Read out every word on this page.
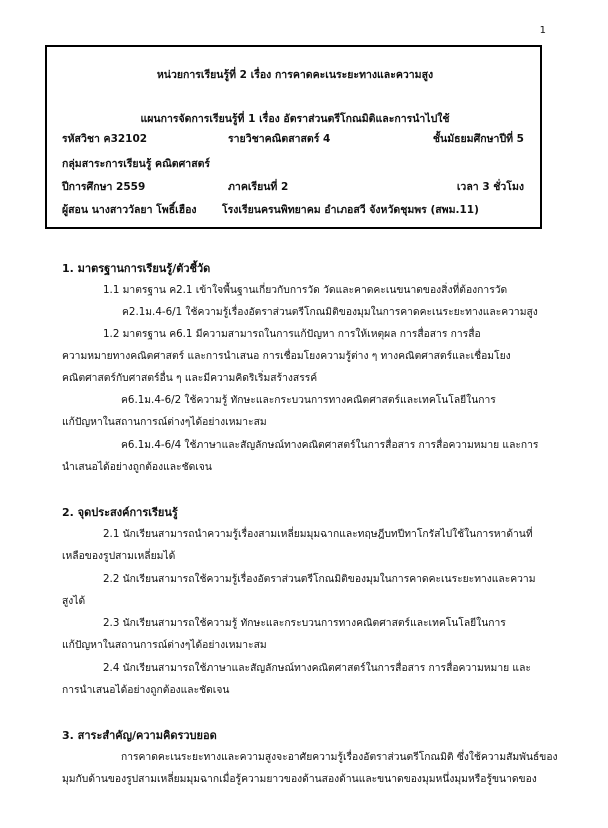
1
หน่วยการเรียนรู้ที่ 2 เรื่อง การคาดคะเนระยะทางและความสูง
แผนการจัดการเรียนรู้ที่ 1 เรื่อง อัตราส่วนตรีโกณมิติและการนำไปใช้
รหัสวิชา ค32102	รายวิชาคณิตสาสตร์ 4	ชั้นมัธยมศึกษาปีที่ 5
กลุ่มสาระการเรียนรู้ คณิตศาสตร์
ปีการศึกษา 2559	ภาคเรียนที่ 2	เวลา 3 ชั่วโมง
ผู้สอน นางสาววัลยา โพธิ์เฮือง โรงเรียนครนพิทยาคม อำเภอสวี จังหวัดชุมพร (สพม.11)
1. มาตรฐานการเรียนรู้/ตัวชี้วัด
1.1 มาตรฐาน ค2.1 เข้าใจพื้นฐานเกี่ยวกับการวัด วัดและคาดคะเนขนาดของสิ่งที่ต้องการวัด
ค2.1ม.4-6/1 ใช้ความรู้เรื่องอัตราส่วนตรีโกณมิติของมุมในการคาดคะเนระยะทางและความสูง
1.2 มาตรฐาน ค6.1 มีความสามารถในการแก้ปัญหา การให้เหตุผล การสื่อสาร การสื่อ
ความหมายทางคณิตศาสตร์ และการนำเสนอ การเชื่อมโยงความรู้ต่าง ๆ ทางคณิตศาสตร์และเชื่อมโยง
คณิตศาสตร์กับศาสตร์อื่น ๆ และมีความคิดริเริ่มสร้างสรรค์
ค6.1ม.4-6/2 ใช้ความรู้ ทักษะและกระบวนการทางคณิตศาสตร์และเทคโนโลยีในการ
แก้ปัญหาในสถานการณ์ต่างๆได้อย่างเหมาะสม
ค6.1ม.4-6/4 ใช้ภาษาและสัญลักษณ์ทางคณิตศาสตร์ในการสื่อสาร การสื่อความหมาย และการ
นำเสนอได้อย่างถูกต้องและชัดเจน
2. จุดประสงค์การเรียนรู้
2.1 นักเรียนสามารถนำความรู้เรื่องสามเหลี่ยมมุมฉากและทฤษฎีบทปีทาโกรัสไปใช้ในการหาด้านที่
เหลือของรูปสามเหลี่ยมได้
2.2 นักเรียนสามารถใช้ความรู้เรื่องอัตราส่วนตรีโกณมิติของมุมในการคาดคะเนระยะทางและความ
สูงได้
2.3 นักเรียนสามารถใช้ความรู้ ทักษะและกระบวนการทางคณิตศาสตร์และเทคโนโลยีในการ
แก้ปัญหาในสถานการณ์ต่างๆได้อย่างเหมาะสม
2.4 นักเรียนสามารถใช้ภาษาและสัญลักษณ์ทางคณิตศาสตร์ในการสื่อสาร การสื่อความหมาย และ
การนำเสนอได้อย่างถูกต้องและชัดเจน
3. สาระสำคัญ/ความคิดรวบยอด
การคาดคะเนระยะทางและความสูงจะอาศัยความรู้เรื่องอัตราส่วนตรีโกณมิติ ซึ่งใช้ความสัมพันธ์ของ
มุมกับด้านของรูปสามเหลี่ยมมุมฉากเมื่อรู้ความยาวของด้านสองด้านและขนาดของมุมหนึ่งมุมหรือรู้ขนาดของ
